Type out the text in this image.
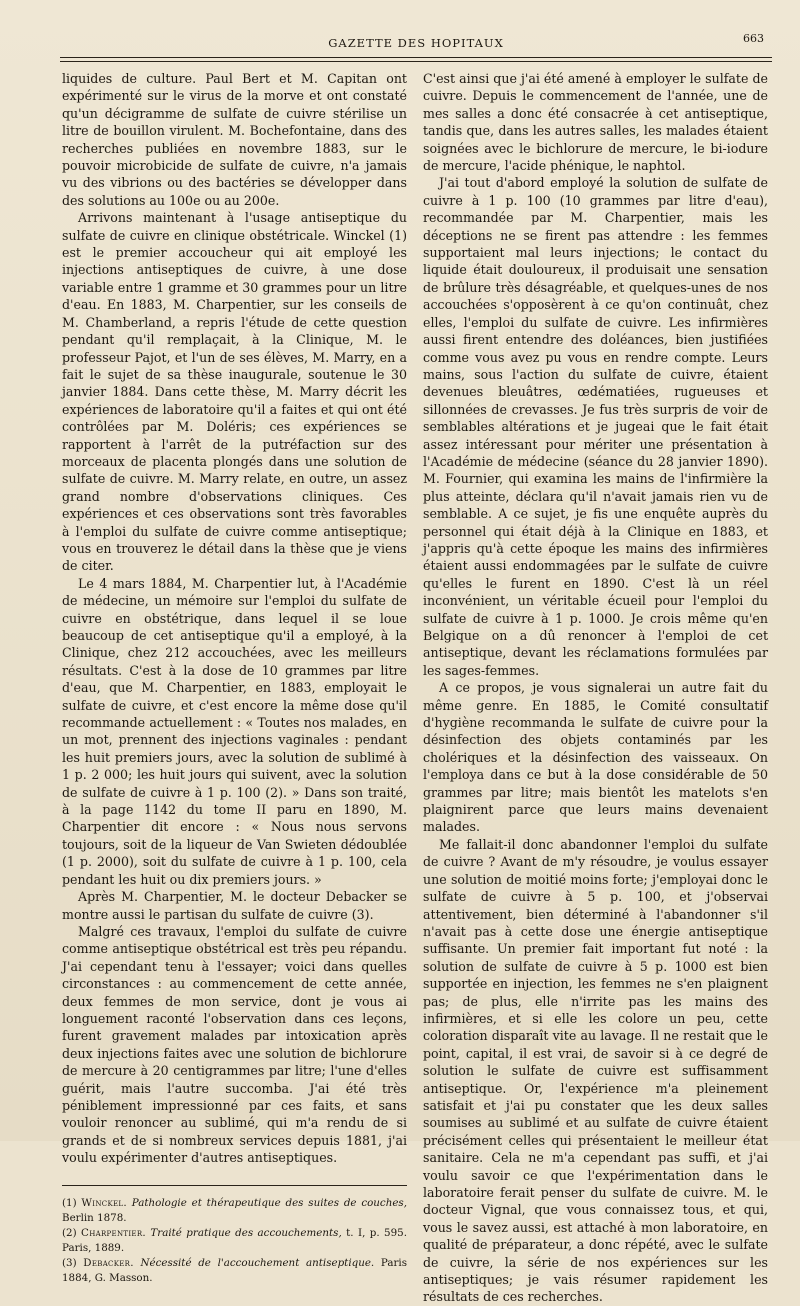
GAZETTE DES HOPITAUX	663

liquides de culture. Paul Bert et M. Capitan ont expérimenté sur le virus de la morve et ont constaté qu'un décigramme de sulfate de cuivre stérilise un litre de bouillon virulent. M. Bochefontaine, dans des recherches publiées en novembre 1883, sur le pouvoir microbicide de sulfate de cuivre, n'a jamais vu des vibrions ou des bactéries se développer dans des solutions au 100e ou au 200e.

Arrivons maintenant à l'usage antiseptique du sulfate de cuivre en clinique obstétricale. Winckel (1) est le premier accoucheur qui ait employé les injections antiseptiques de cuivre, à une dose variable entre 1 gramme et 30 grammes pour un litre d'eau. En 1883, M. Charpentier, sur les conseils de M. Chamberland, a repris l'étude de cette question pendant qu'il remplaçait, à la Clinique, M. le professeur Pajot, et l'un de ses élèves, M. Marry, en a fait le sujet de sa thèse inaugurale, soutenue le 30 janvier 1884. Dans cette thèse, M. Marry décrit les expériences de laboratoire qu'il a faites et qui ont été contrôlées par M. Doléris; ces expériences se rapportent à l'arrêt de la putréfaction sur des morceaux de placenta plongés dans une solution de sulfate de cuivre. M. Marry relate, en outre, un assez grand nombre d'observations cliniques. Ces expériences et ces observations sont très favorables à l'emploi du sulfate de cuivre comme antiseptique; vous en trouverez le détail dans la thèse que je viens de citer.

Le 4 mars 1884, M. Charpentier lut, à l'Académie de médecine, un mémoire sur l'emploi du sulfate de cuivre en obstétrique, dans lequel il se loue beaucoup de cet antiseptique qu'il a employé, à la Clinique, chez 212 accouchées, avec les meilleurs résultats. C'est à la dose de 10 grammes par litre d'eau, que M. Charpentier, en 1883, employait le sulfate de cuivre, et c'est encore la même dose qu'il recommande actuellement : « Toutes nos malades, en un mot, prennent des injections vaginales : pendant les huit premiers jours, avec la solution de sublimé à 1 p. 2 000; les huit jours qui suivent, avec la solution de sulfate de cuivre à 1 p. 100 (2). » Dans son traité, à la page 1142 du tome II paru en 1890, M. Charpentier dit encore : « Nous nous servons toujours, soit de la liqueur de Van Swieten dédoublée (1 p. 2000), soit du sulfate de cuivre à 1 p. 100, cela pendant les huit ou dix premiers jours. »

Après M. Charpentier, M. le docteur Debacker se montre aussi le partisan du sulfate de cuivre (3).

Malgré ces travaux, l'emploi du sulfate de cuivre comme antiseptique obstétrical est très peu répandu. J'ai cependant tenu à l'essayer; voici dans quelles circonstances : au commencement de cette année, deux femmes de mon service, dont je vous ai longuement raconté l'observation dans ces leçons, furent gravement malades par intoxication après deux injections faites avec une solution de bichlorure de mercure à 20 centigrammes par litre; l'une d'elles guérit, mais l'autre succomba. J'ai été très péniblement impressionné par ces faits, et sans vouloir renoncer au sublimé, qui m'a rendu de si grands et de si nombreux services depuis 1881, j'ai voulu expérimenter d'autres antiseptiques.

(1) Winckel. Pathologie et thérapeutique des suites de couches, Berlin 1878.

(2) Charpentier. Traité pratique des accouchements, t. I, p. 595. Paris, 1889.

(3) Debacker. Nécessité de l'accouchement antiseptique. Paris 1884, G. Masson.

C'est ainsi que j'ai été amené à employer le sulfate de cuivre. Depuis le commencement de l'année, une de mes salles a donc été consacrée à cet antiseptique, tandis que, dans les autres salles, les malades étaient soignées avec le bichlorure de mercure, le bi-iodure de mercure, l'acide phénique, le naphtol.

J'ai tout d'abord employé la solution de sulfate de cuivre à 1 p. 100 (10 grammes par litre d'eau), recommandée par M. Charpentier, mais les déceptions ne se firent pas attendre : les femmes supportaient mal leurs injections; le contact du liquide était douloureux, il produisait une sensation de brûlure très désagréable, et quelques-unes de nos accouchées s'opposèrent à ce qu'on continuât, chez elles, l'emploi du sulfate de cuivre. Les infirmières aussi firent entendre des doléances, bien justifiées comme vous avez pu vous en rendre compte. Leurs mains, sous l'action du sulfate de cuivre, étaient devenues bleuâtres, œdématiées, rugueuses et sillonnées de crevasses. Je fus très surpris de voir de semblables altérations et je jugeai que le fait était assez intéressant pour mériter une présentation à l'Académie de médecine (séance du 28 janvier 1890). M. Fournier, qui examina les mains de l'infirmière la plus atteinte, déclara qu'il n'avait jamais rien vu de semblable. A ce sujet, je fis une enquête auprès du personnel qui était déjà à la Clinique en 1883, et j'appris qu'à cette époque les mains des infirmières étaient aussi endommagées par le sulfate de cuivre qu'elles le furent en 1890. C'est là un réel inconvénient, un véritable écueil pour l'emploi du sulfate de cuivre à 1 p. 1000. Je crois même qu'en Belgique on a dû renoncer à l'emploi de cet antiseptique, devant les réclamations formulées par les sages-femmes.

A ce propos, je vous signalerai un autre fait du même genre. En 1885, le Comité consultatif d'hygiène recommanda le sulfate de cuivre pour la désinfection des objets contaminés par les cholériques et la désinfection des vaisseaux. On l'employa dans ce but à la dose considérable de 50 grammes par litre; mais bientôt les matelots s'en plaignirent parce que leurs mains devenaient malades.

Me fallait-il donc abandonner l'emploi du sulfate de cuivre ? Avant de m'y résoudre, je voulus essayer une solution de moitié moins forte; j'employai donc le sulfate de cuivre à 5 p. 100, et j'observai attentivement, bien déterminé à l'abandonner s'il n'avait pas à cette dose une énergie antiseptique suffisante. Un premier fait important fut noté : la solution de sulfate de cuivre à 5 p. 1000 est bien supportée en injection, les femmes ne s'en plaignent pas; de plus, elle n'irrite pas les mains des infirmières, et si elle les colore un peu, cette coloration disparaît vite au lavage. Il ne restait que le point, capital, il est vrai, de savoir si à ce degré de solution le sulfate de cuivre est suffisamment antiseptique. Or, l'expérience m'a pleinement satisfait et j'ai pu constater que les deux salles soumises au sublimé et au sulfate de cuivre étaient précisément celles qui présentaient le meilleur état sanitaire. Cela ne m'a cependant pas suffi, et j'ai voulu savoir ce que l'expérimentation dans le laboratoire ferait penser du sulfate de cuivre. M. le docteur Vignal, que vous connaissez tous, et qui, vous le savez aussi, est attaché à mon laboratoire, en qualité de préparateur, a donc répété, avec le sulfate de cuivre, la série de nos expériences sur les antiseptiques; je vais résumer rapidement les résultats de ces recherches.
